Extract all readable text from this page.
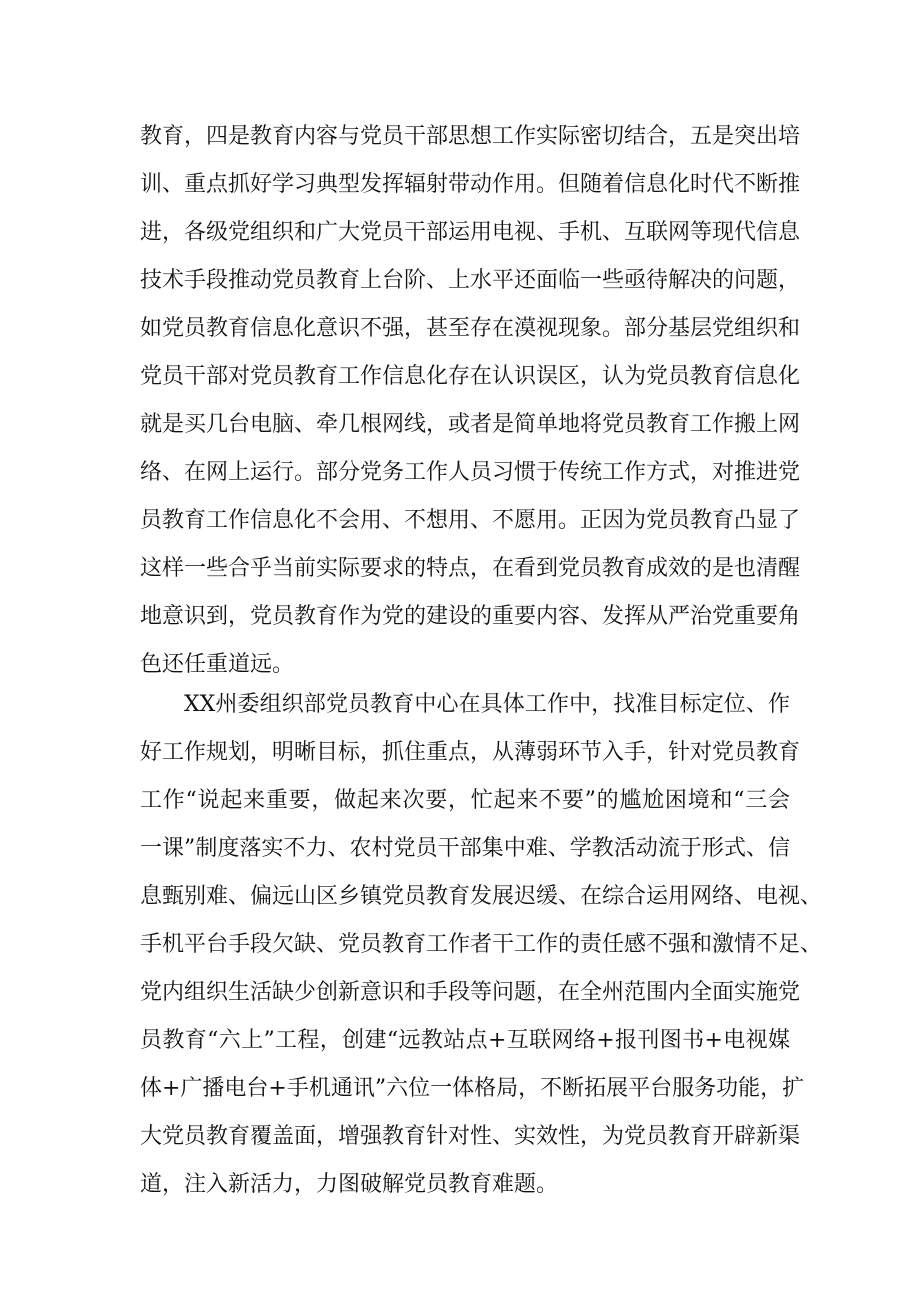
教育，四是教育内容与党员干部思想工作实际密切结合，五是突出培
训、重点抓好学习典型发挥辐射带动作用。但随着信息化时代不断推
进，各级党组织和广大党员干部运用电视、手机、互联网等现代信息
技术手段推动党员教育上台阶、上水平还面临一些亟待解决的问题，
如党员教育信息化意识不强，甚至存在漠视现象。部分基层党组织和
党员干部对党员教育工作信息化存在认识误区，认为党员教育信息化
就是买几台电脑、牵几根网线，或者是简单地将党员教育工作搬上网
络、在网上运行。部分党务工作人员习惯于传统工作方式，对推进党
员教育工作信息化不会用、不想用、不愿用。正因为党员教育凸显了
这样一些合乎当前实际要求的特点，在看到党员教育成效的是也清醒
地意识到，党员教育作为党的建设的重要内容、发挥从严治党重要角
色还任重道远。
XX州委组织部党员教育中心在具体工作中，找准目标定位、作
好工作规划，明晰目标，抓住重点，从薄弱环节入手，针对党员教育
工作“说起来重要，做起来次要，忙起来不要”的尴尬困境和“三会
一课”制度落实不力、农村党员干部集中难、学教活动流于形式、信
息甄别难、偏远山区乡镇党员教育发展迟缓、在综合运用网络、电视、
手机平台手段欠缺、党员教育工作者干工作的责任感不强和激情不足、
党内组织生活缺少创新意识和手段等问题，在全州范围内全面实施党
员教育“六上”工程，创建“远教站点+互联网络+报刊图书+电视媒
体+广播电台+手机通讯”六位一体格局，不断拓展平台服务功能，扩
大党员教育覆盖面，增强教育针对性、实效性，为党员教育开辟新渠
道，注入新活力，力图破解党员教育难题。
